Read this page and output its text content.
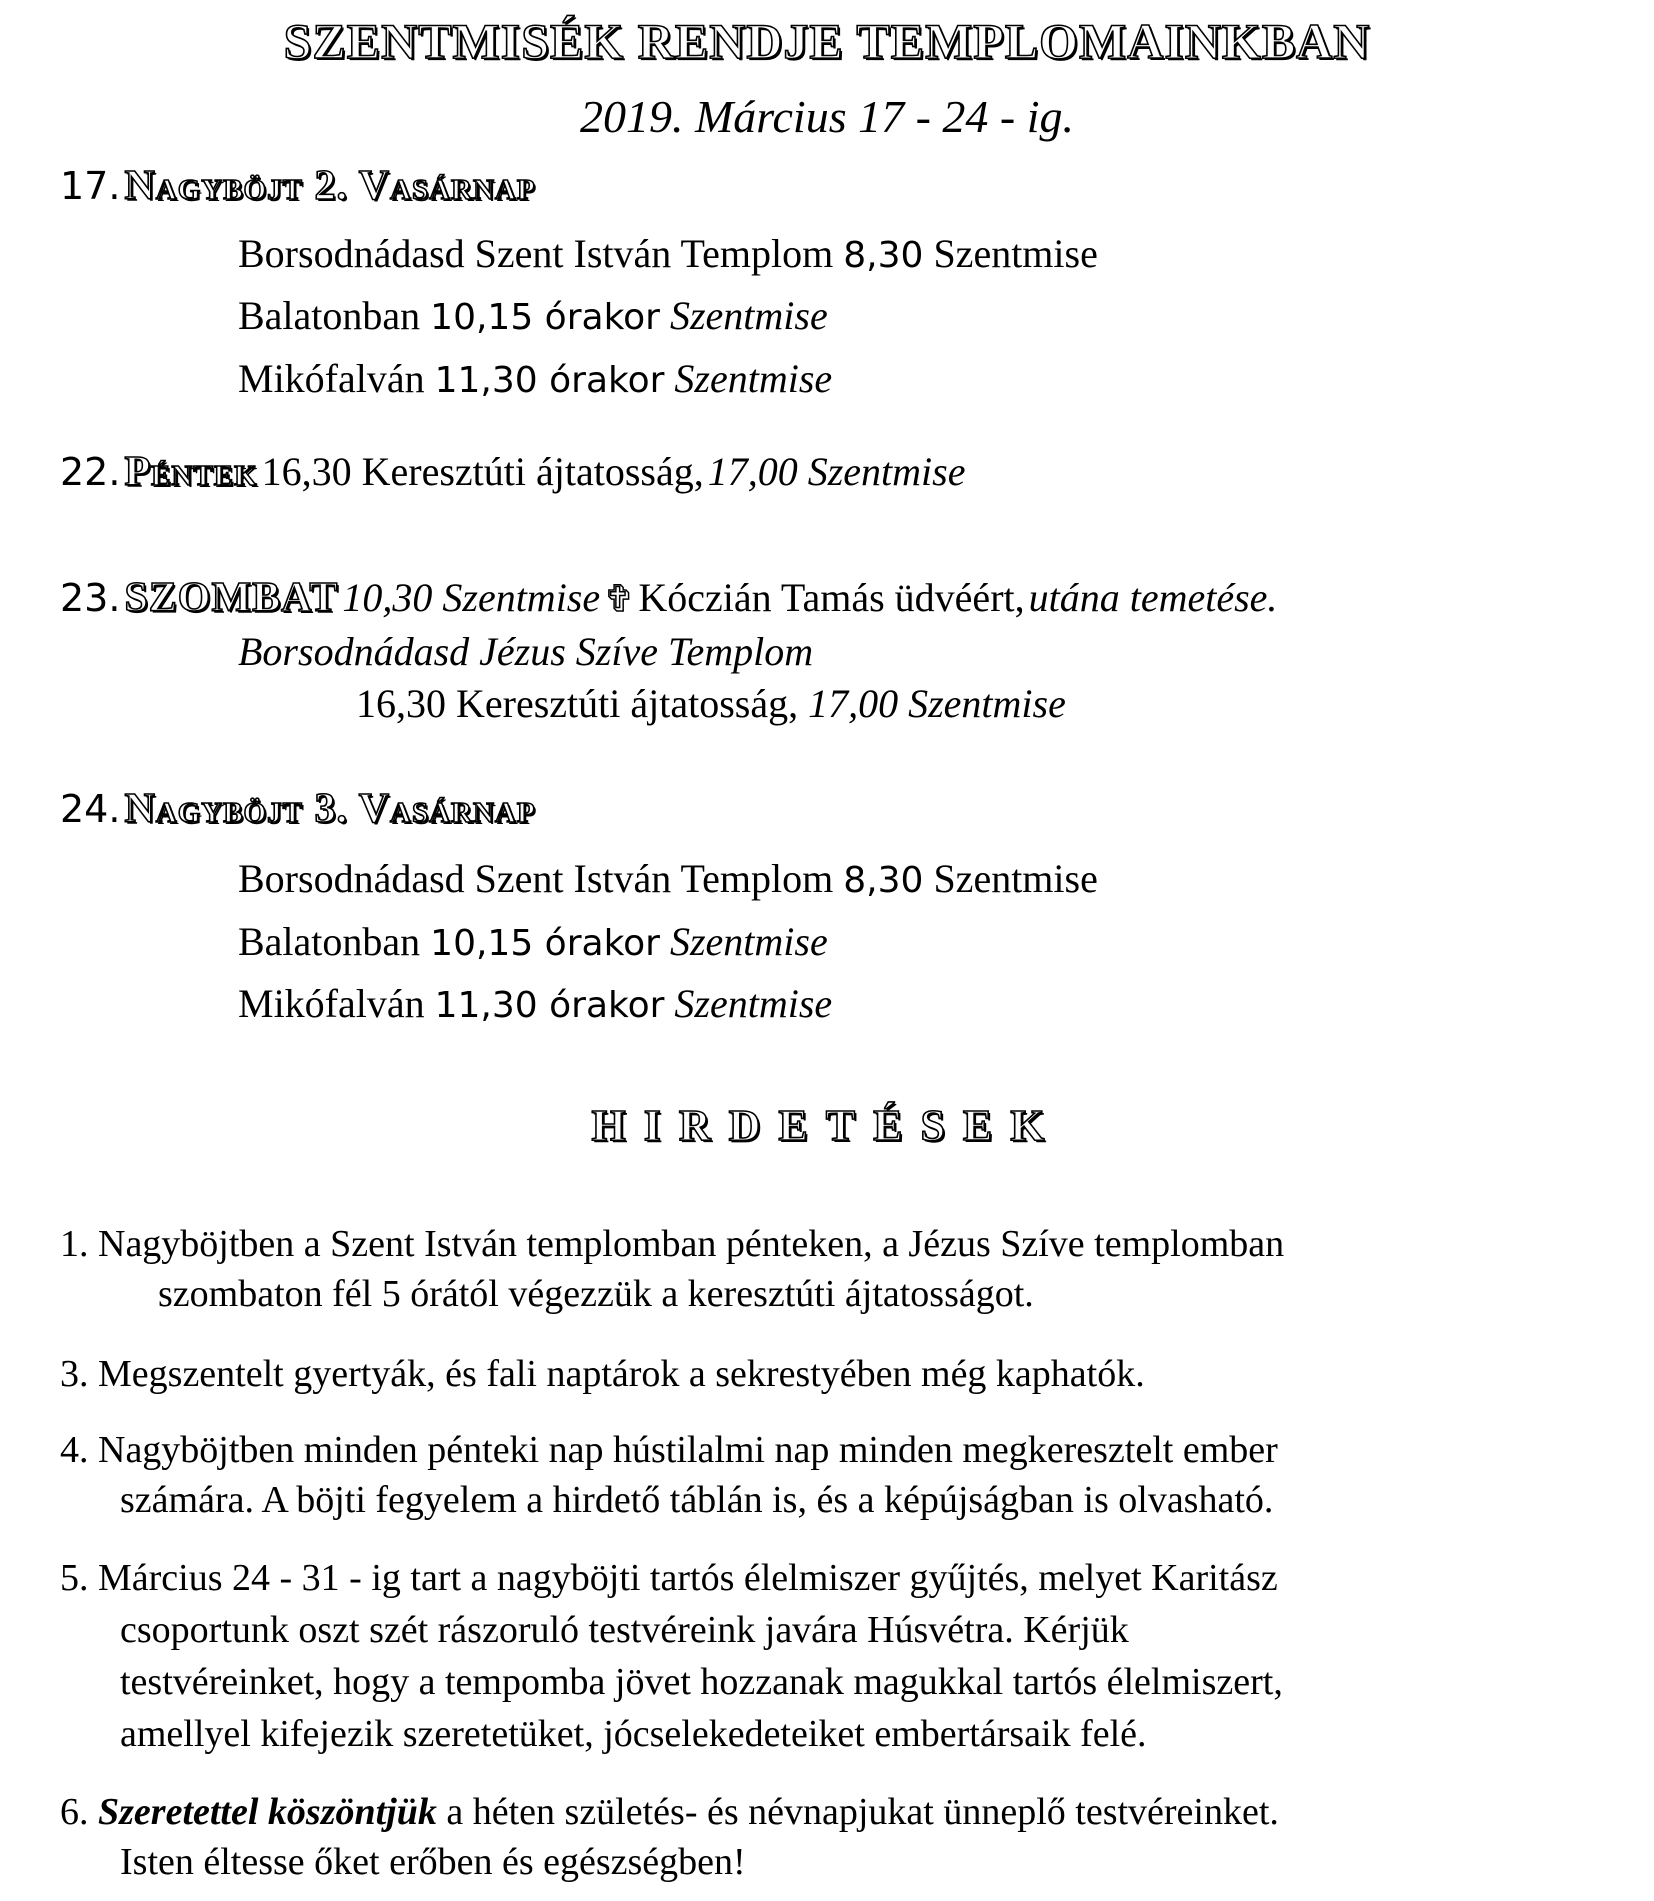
SZENTMISÉK RENDJE TEMPLOMAINKBAN
2019. Március 17 - 24 - ig.
17. Nagyböjt 2. Vasárnap
Borsodnádasd Szent István Templom 8,30 Szentmise
Balatonban 10,15 órakor Szentmise
Mikófalván 11,30 órakor Szentmise
22. Péntek 16,30 Keresztúti ájtatosság, 17,00 Szentmise
23. SZOMBAT 10,30 Szentmise ✞ Kóczián Tamás üdvéért, utána temetése.
Borsodnádasd Jézus Szíve Templom
16,30 Keresztúti ájtatosság, 17,00 Szentmise
24. Nagyböjt 3. Vasárnap
Borsodnádasd Szent István Templom 8,30 Szentmise
Balatonban 10,15 órakor Szentmise
Mikófalván 11,30 órakor Szentmise
HIRDETÉSEK
1. Nagyböjtben a Szent István templomban pénteken, a Jézus Szíve templomban
szombaton fél 5 órától végezzük a keresztúti ájtatosságot.
3. Megszentelt gyertyák, és fali naptárok a sekrestyében még kaphatók.
4. Nagyböjtben minden pénteki nap hústilalmi nap minden megkeresztelt ember
számára. A böjti fegyelem a hirdető táblán is, és a képújságban is olvasható.
5. Március 24 - 31 - ig tart a nagyböjti tartós élelmiszer gyűjtés, melyet Karitász
csoportunk oszt szét rászoruló testvéreink javára Húsvétra. Kérjük
testvéreinket, hogy a tempomba jövet hozzanak magukkal tartós élelmiszert,
amellyel kifejezik szeretetüket, jócselekedeteiket embertársaik felé.
6. Szeretettel köszöntjük a héten születés- és névnapjukat ünneplő testvéreinket.
Isten éltesse őket erőben és egészségben!
